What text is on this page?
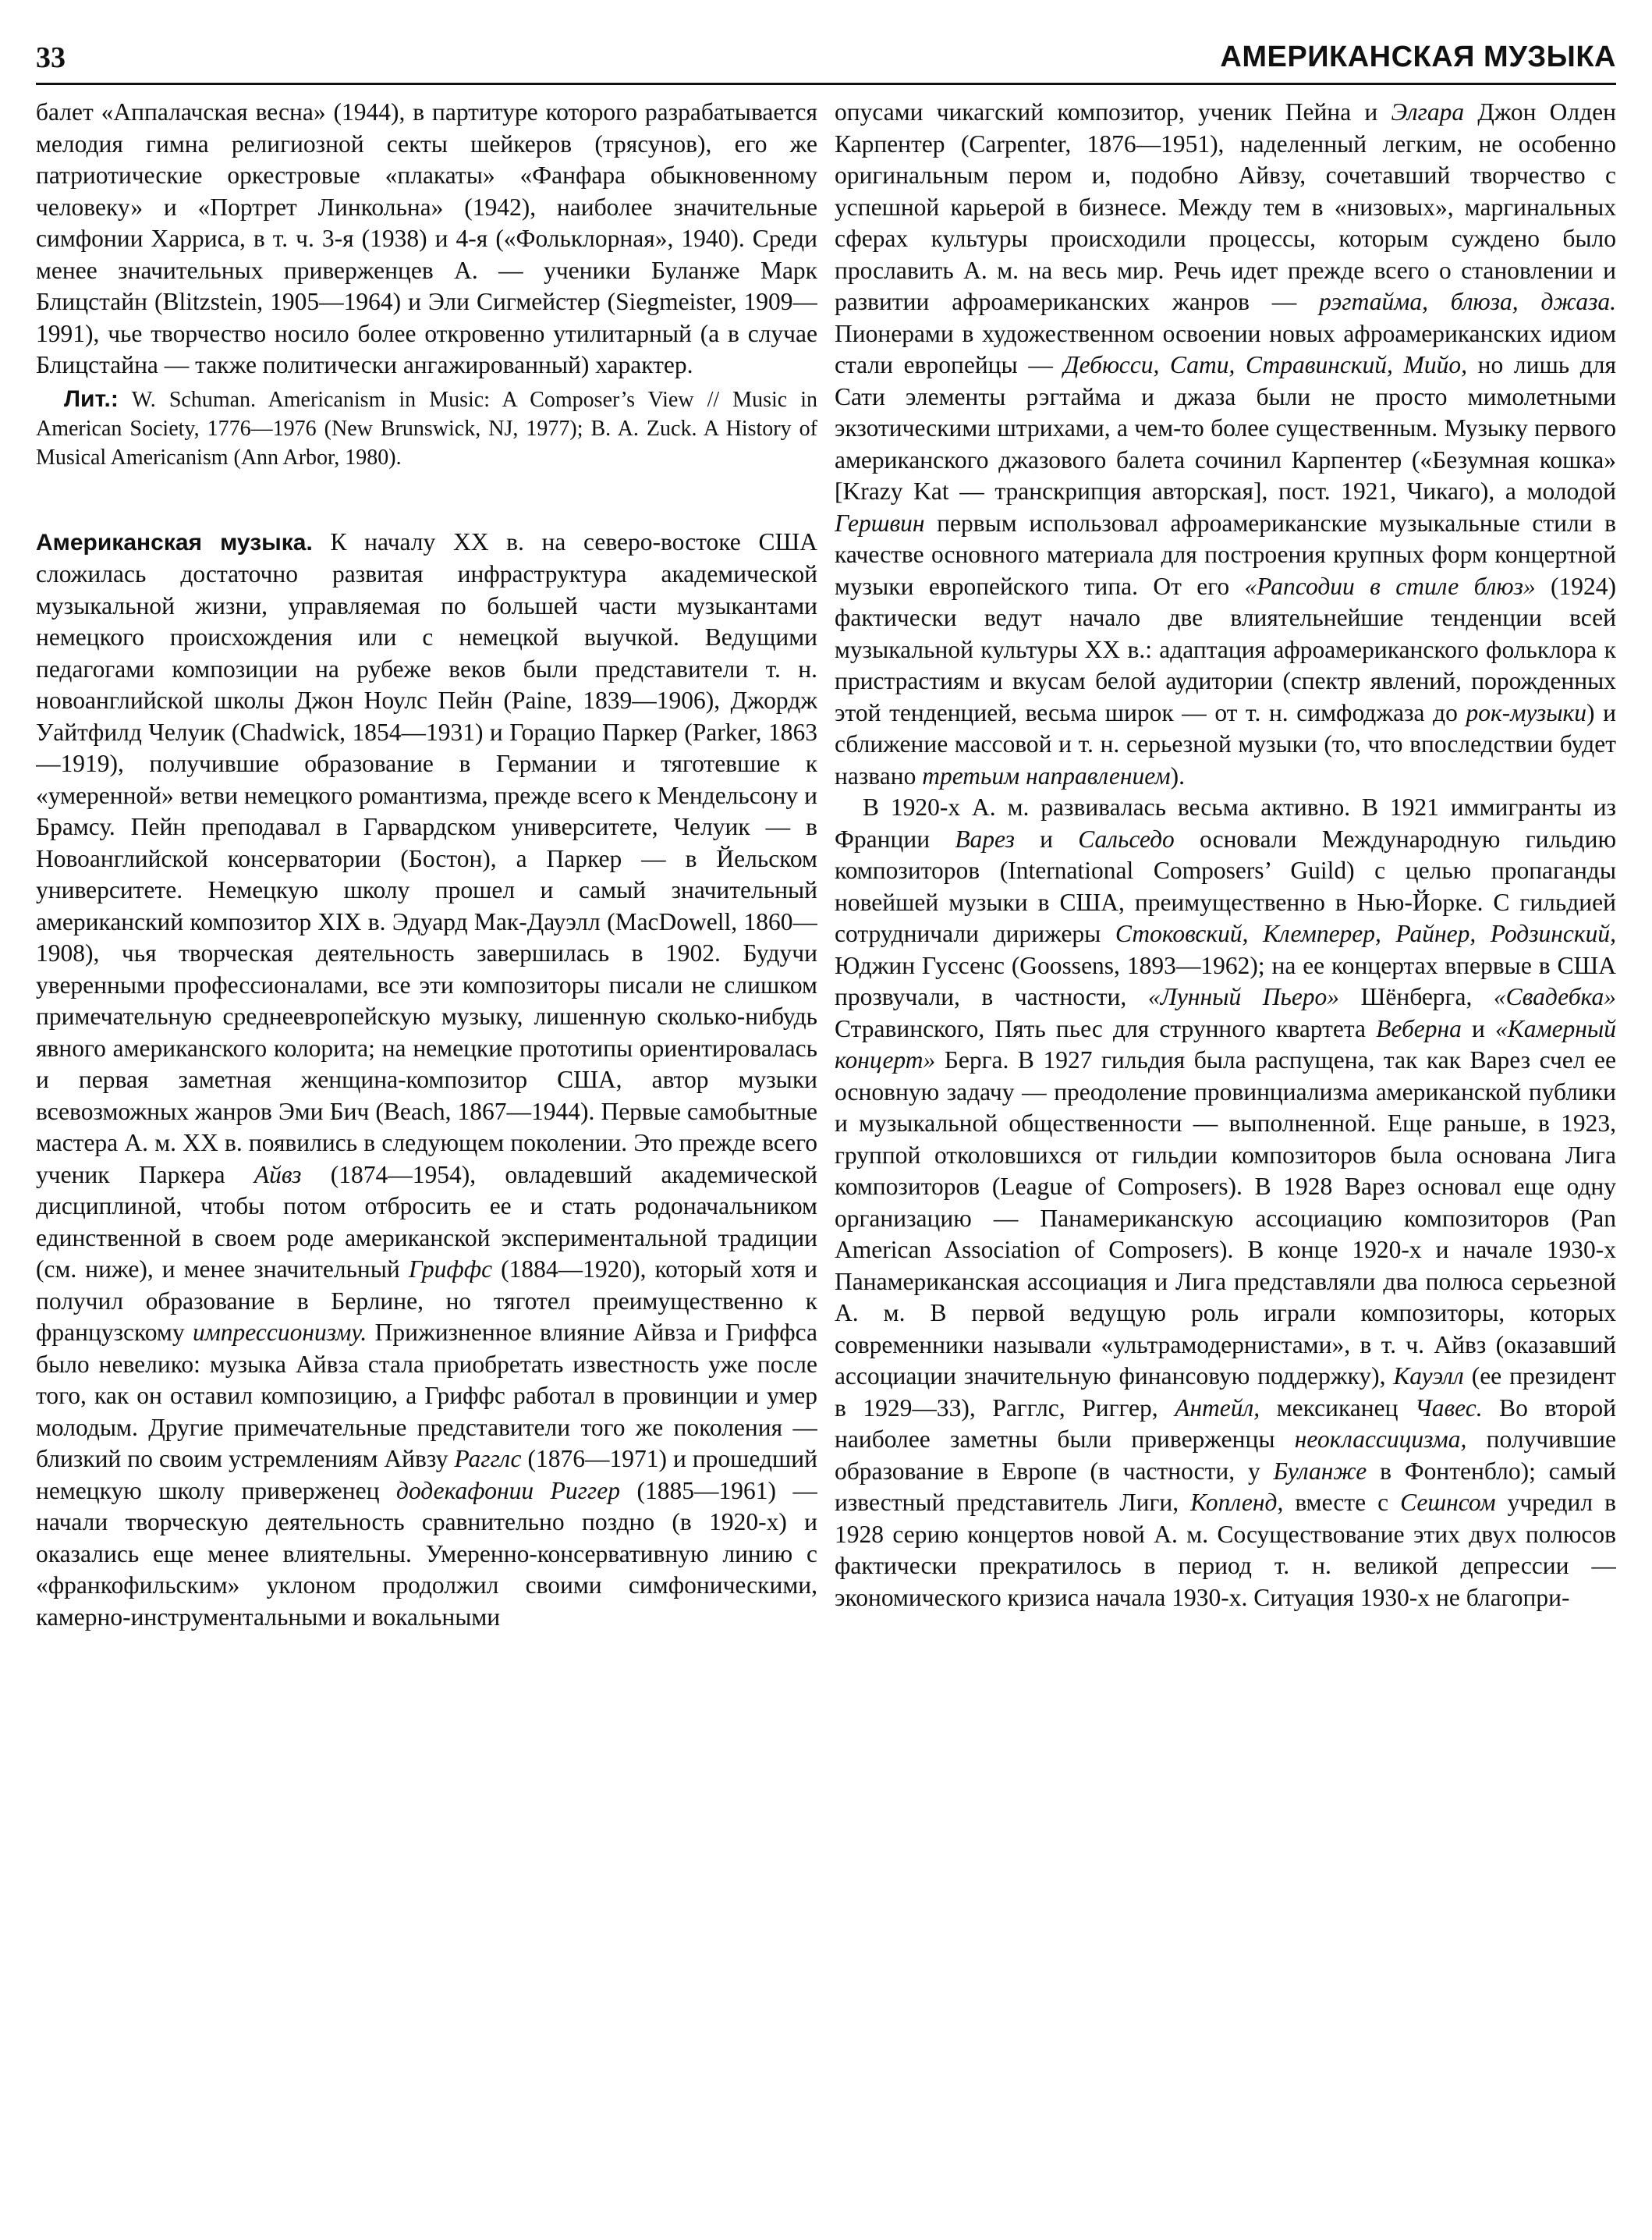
33	АМЕРИКАНСКАЯ МУЗЫКА

балет «Аппалачская весна» (1944), в партитуре которого разрабатывается мелодия гимна религиозной секты шейкеров (трясунов), его же патриотические оркестровые «плакаты» «Фанфара обыкновенному человеку» и «Портрет Линкольна» (1942), наиболее значительные симфонии Харриса, в т. ч. 3-я (1938) и 4-я («Фольклорная», 1940). Среди менее значительных приверженцев А. — ученики Буланже Марк Блицстайн (Blitzstein, 1905—1964) и Эли Сигмейстер (Siegmeister, 1909—1991), чье творчество носило более откровенно утилитарный (а в случае Блицстайна — также политически ангажированный) характер.

Лит.: W. Schuman. Americanism in Music: A Composer’s View // Music in American Society, 1776—1976 (New Brunswick, NJ, 1977); B. A. Zuck. A History of Musical Americanism (Ann Arbor, 1980).

Американская музыка. К началу XX в. на северо-востоке США сложилась достаточно развитая инфраструктура академической музыкальной жизни, управляемая по большей части музыкантами немецкого происхождения или с немецкой выучкой. Ведущими педагогами композиции на рубеже веков были представители т. н. новоанглийской школы Джон Ноулс Пейн (Paine, 1839—1906), Джордж Уайтфилд Челуик (Chadwick, 1854—1931) и Горацио Паркер (Parker, 1863—1919), получившие образование в Германии и тяготевшие к «умеренной» ветви немецкого романтизма, прежде всего к Мендельсону и Брамсу. Пейн преподавал в Гарвардском университете, Челуик — в Новоанглийской консерватории (Бостон), а Паркер — в Йельском университете. Немецкую школу прошел и самый значительный американский композитор XIX в. Эдуард Мак-Дауэлл (MacDowell, 1860—1908), чья творческая деятельность завершилась в 1902. Будучи уверенными профессионалами, все эти композиторы писали не слишком примечательную среднеевропейскую музыку, лишенную сколько-нибудь явного американского колорита; на немецкие прототипы ориентировалась и первая заметная женщина-композитор США, автор музыки всевозможных жанров Эми Бич (Beach, 1867—1944). Первые самобытные мастера А. м. XX в. появились в следующем поколении. Это прежде всего ученик Паркера Айвз (1874—1954), овладевший академической дисциплиной, чтобы потом отбросить ее и стать родоначальником единственной в своем роде американской экспериментальной традиции (см. ниже), и менее значительный Гриффс (1884—1920), который хотя и получил образование в Берлине, но тяготел преимущественно к французскому импрессионизму. Прижизненное влияние Айвза и Гриффса было невелико: музыка Айвза стала приобретать известность уже после того, как он оставил композицию, а Гриффс работал в провинции и умер молодым. Другие примечательные представители того же поколения — близкий по своим устремлениям Айвзу Рагглс (1876—1971) и прошедший немецкую школу приверженец додекафонии Риггер (1885—1961) — начали творческую деятельность сравнительно поздно (в 1920-х) и оказались еще менее влиятельны. Умеренно-консервативную линию с «франкофильским» уклоном продолжил своими симфоническими, камерно-инструментальными и вокальными

опусами чикагский композитор, ученик Пейна и Элгара Джон Олден Карпентер (Carpenter, 1876—1951), наделенный легким, не особенно оригинальным пером и, подобно Айвзу, сочетавший творчество с успешной карьерой в бизнесе. Между тем в «низовых», маргинальных сферах культуры происходили процессы, которым суждено было прославить А. м. на весь мир. Речь идет прежде всего о становлении и развитии афроамериканских жанров — рэгтайма, блюза, джаза. Пионерами в художественном освоении новых афроамериканских идиом стали европейцы — Дебюсси, Сати, Стравинский, Мийо, но лишь для Сати элементы рэгтайма и джаза были не просто мимолетными экзотическими штрихами, а чем-то более существенным. Музыку первого американского джазового балета сочинил Карпентер («Безумная кошка» [Krazy Kat — транскрипция авторская], пост. 1921, Чикаго), а молодой Гершвин первым использовал афроамериканские музыкальные стили в качестве основного материала для построения крупных форм концертной музыки европейского типа. От его «Рапсодии в стиле блюз» (1924) фактически ведут начало две влиятельнейшие тенденции всей музыкальной культуры XX в.: адаптация афроамериканского фольклора к пристрастиям и вкусам белой аудитории (спектр явлений, порожденных этой тенденцией, весьма широк — от т. н. симфоджаза до рок-музыки) и сближение массовой и т. н. серьезной музыки (то, что впоследствии будет названо третьим направлением).

В 1920-х А. м. развивалась весьма активно. В 1921 иммигранты из Франции Варез и Сальседо основали Международную гильдию композиторов (International Composers’ Guild) с целью пропаганды новейшей музыки в США, преимущественно в Нью-Йорке. С гильдией сотрудничали дирижеры Стоковский, Клемперер, Райнер, Родзинский, Юджин Гуссенс (Goossens, 1893—1962); на ее концертах впервые в США прозвучали, в частности, «Лунный Пьеро» Шёнберга, «Свадебка» Стравинского, Пять пьес для струнного квартета Веберна и «Камерный концерт» Берга. В 1927 гильдия была распущена, так как Варез счел ее основную задачу — преодоление провинциализма американской публики и музыкальной общественности — выполненной. Еще раньше, в 1923, группой отколовшихся от гильдии композиторов была основана Лига композиторов (League of Composers). В 1928 Варез основал еще одну организацию — Панамериканскую ассоциацию композиторов (Pan American Association of Composers). В конце 1920-х и начале 1930-х Панамериканская ассоциация и Лига представляли два полюса серьезной А. м. В первой ведущую роль играли композиторы, которых современники называли «ультрамодернистами», в т. ч. Айвз (оказавший ассоциации значительную финансовую поддержку), Кауэлл (ее президент в 1929—33), Рагглс, Риггер, Антейл, мексиканец Чавес. Во второй наиболее заметны были приверженцы неоклассицизма, получившие образование в Европе (в частности, у Буланже в Фонтенбло); самый известный представитель Лиги, Копленд, вместе с Сешнсом учредил в 1928 серию концертов новой А. м. Сосуществование этих двух полюсов фактически прекратилось в период т. н. великой депрессии — экономического кризиса начала 1930-х. Ситуация 1930-х не благопри-
